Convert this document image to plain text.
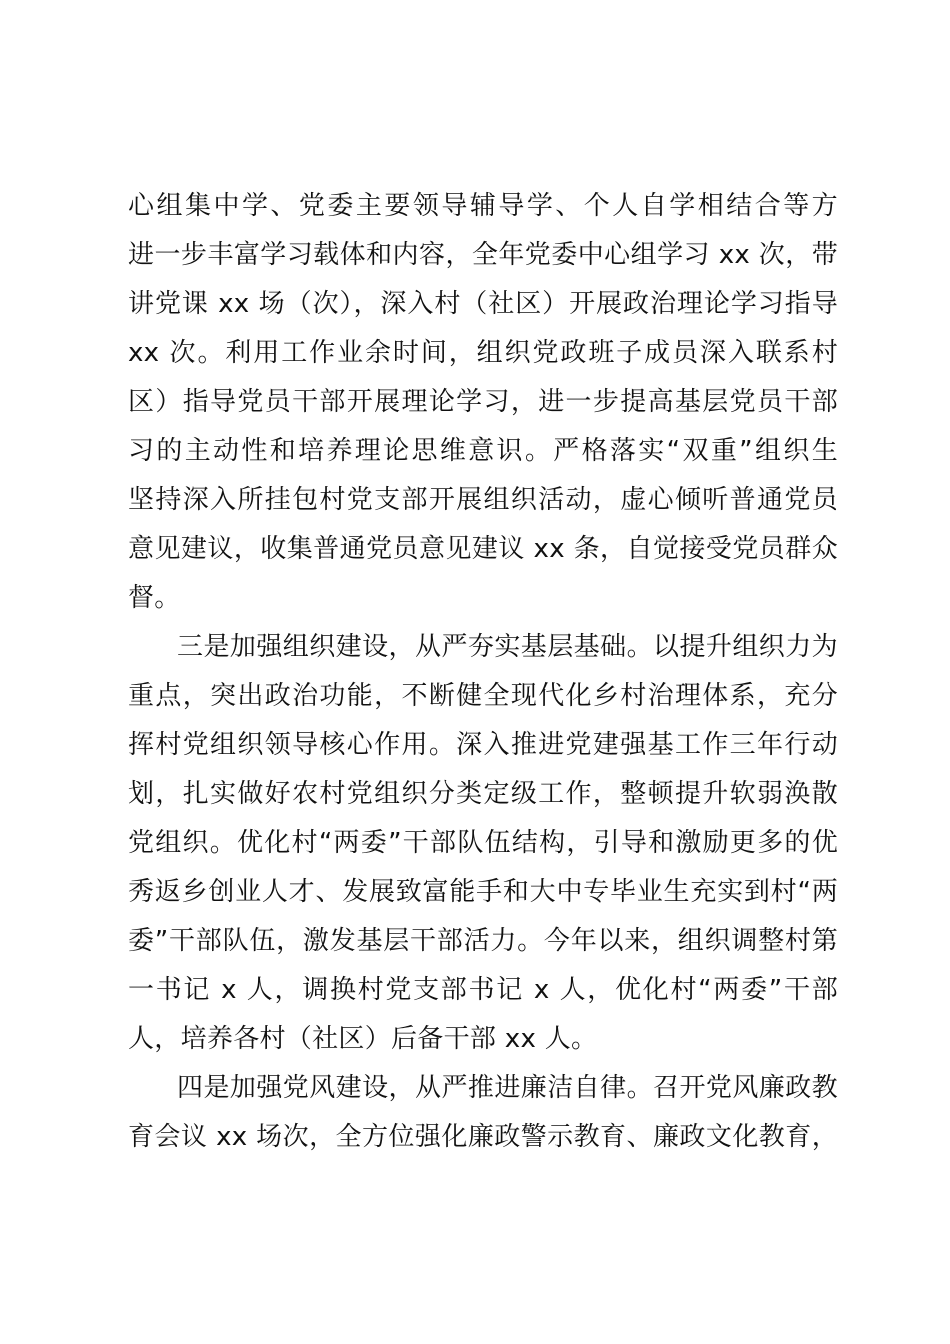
心组集中学、党委主要领导辅导学、个人自学相结合等方
进一步丰富学习载体和内容，全年党委中心组学习 xx 次，带
讲党课 xx 场（次），深入村（社区）开展政治理论学习指导
xx 次。利用工作业余时间，组织党政班子成员深入联系村
区）指导党员干部开展理论学习，进一步提高基层党员干部
习的主动性和培养理论思维意识。严格落实“双重”组织生
坚持深入所挂包村党支部开展组织活动，虚心倾听普通党员
意见建议，收集普通党员意见建议 xx 条，自觉接受党员群众
督。
三是加强组织建设，从严夯实基层基础。以提升组织力为
重点，突出政治功能，不断健全现代化乡村治理体系，充分
挥村党组织领导核心作用。深入推进党建强基工作三年行动
划，扎实做好农村党组织分类定级工作，整顿提升软弱涣散
党组织。优化村“两委”干部队伍结构，引导和激励更多的优
秀返乡创业人才、发展致富能手和大中专毕业生充实到村“两
委”干部队伍，激发基层干部活力。今年以来，组织调整村第
一书记 x 人，调换村党支部书记 x 人，优化村“两委”干部
人，培养各村（社区）后备干部 xx 人。
四是加强党风建设，从严推进廉洁自律。召开党风廉政教
育会议 xx 场次，全方位强化廉政警示教育、廉政文化教育，
